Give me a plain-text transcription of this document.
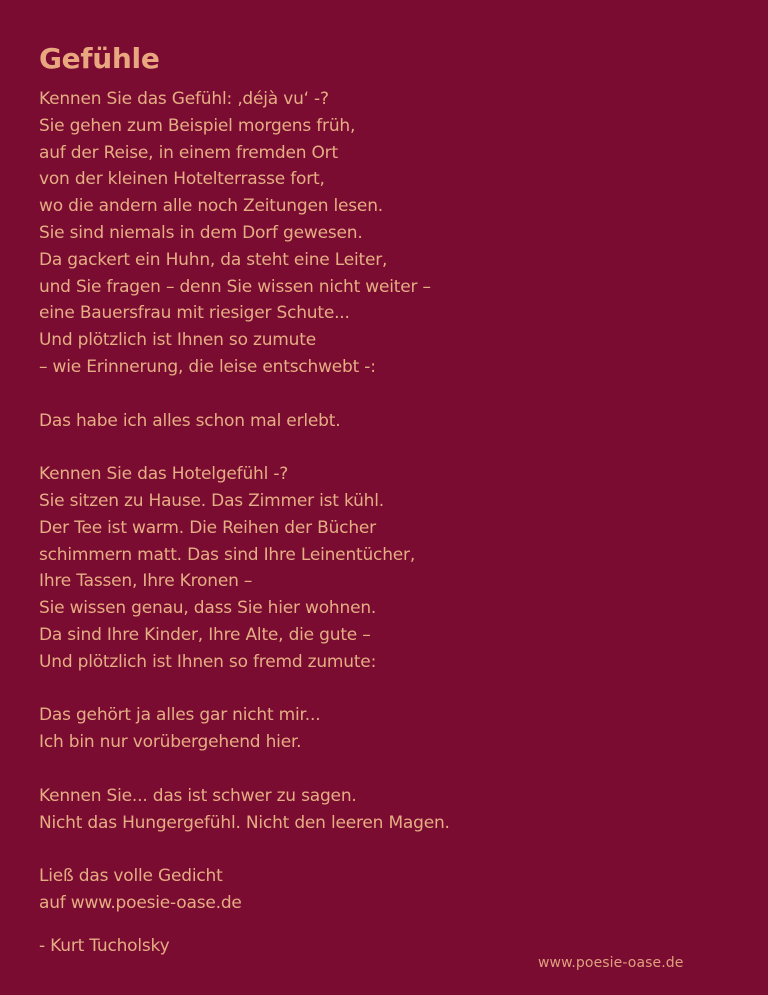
Gefühle
Kennen Sie das Gefühl: ‚déjà vu‘ -?
Sie gehen zum Beispiel morgens früh,
auf der Reise, in einem fremden Ort
von der kleinen Hotelterrasse fort,
wo die andern alle noch Zeitungen lesen.
Sie sind niemals in dem Dorf gewesen.
Da gackert ein Huhn, da steht eine Leiter,
und Sie fragen – denn Sie wissen nicht weiter –
eine Bauersfrau mit riesiger Schute...
Und plötzlich ist Ihnen so zumute
– wie Erinnerung, die leise entschwebt -:
Das habe ich alles schon mal erlebt.
Kennen Sie das Hotelgefühl -?
Sie sitzen zu Hause. Das Zimmer ist kühl.
Der Tee ist warm. Die Reihen der Bücher
schimmern matt. Das sind Ihre Leinentücher,
Ihre Tassen, Ihre Kronen –
Sie wissen genau, dass Sie hier wohnen.
Da sind Ihre Kinder, Ihre Alte, die gute –
Und plötzlich ist Ihnen so fremd zumute:
Das gehört ja alles gar nicht mir...
Ich bin nur vorübergehend hier.
Kennen Sie... das ist schwer zu sagen.
Nicht das Hungergefühl. Nicht den leeren Magen.
Ließ das volle Gedicht
auf www.poesie-oase.de
- Kurt Tucholsky
www.poesie-oase.de
